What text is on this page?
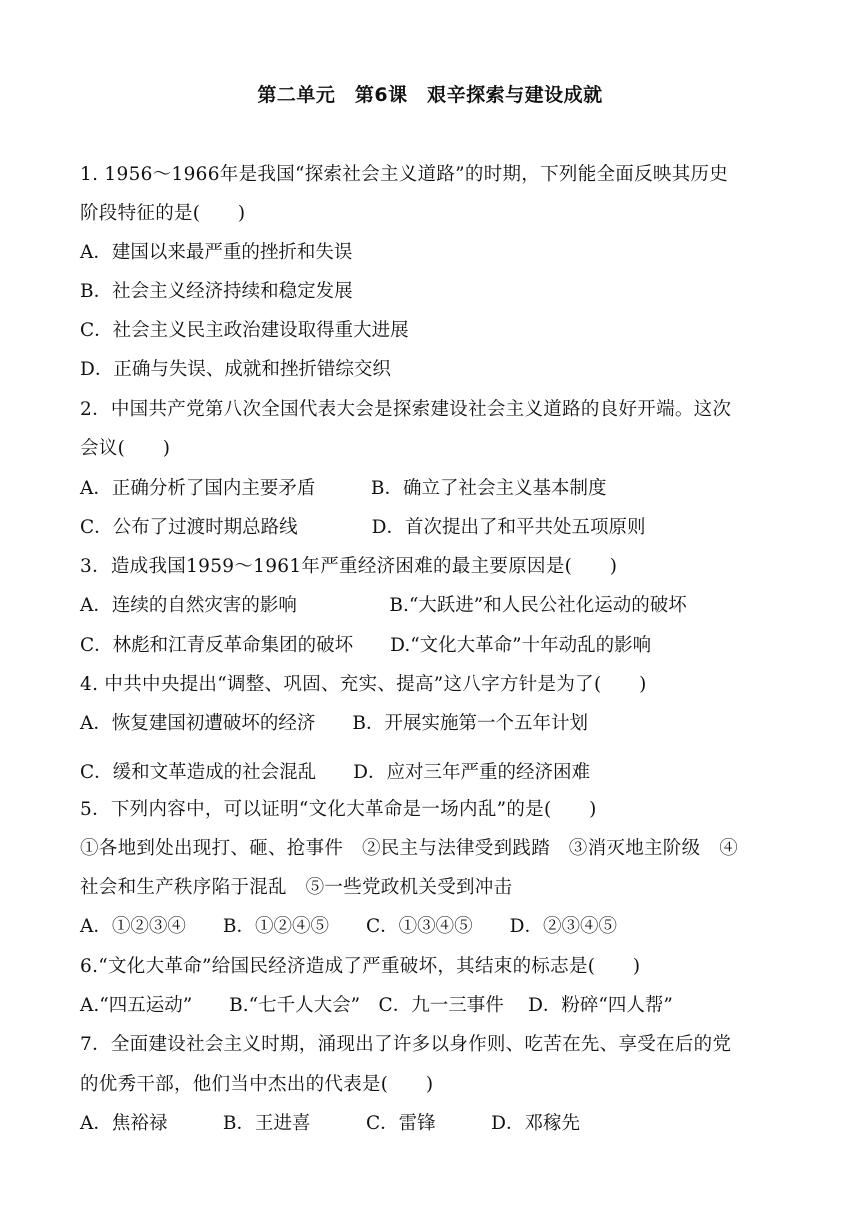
第二单元　第6课　艰辛探索与建设成就
1. 1956～1966年是我国“探索社会主义道路”的时期，下列能全面反映其历史
阶段特征的是(　　)
A．建国以来最严重的挫折和失误
B．社会主义经济持续和稳定发展
C．社会主义民主政治建设取得重大进展
D．正确与失误、成就和挫折错综交织
2．中国共产党第八次全国代表大会是探索建设社会主义道路的良好开端。这次
会议(　　)
A．正确分析了国内主要矛盾　　　B．确立了社会主义基本制度
C．公布了过渡时期总路线　　　　D．首次提出了和平共处五项原则
3．造成我国1959～1961年严重经济困难的最主要原因是(　　)
A．连续的自然灾害的影响　　　　　B.“大跃进”和人民公社化运动的破坏
C．林彪和江青反革命集团的破坏　　D.“文化大革命”十年动乱的影响
4. 中共中央提出“调整、巩固、充实、提高”这八字方针是为了(　　)
A．恢复建国初遭破坏的经济　　B．开展实施第一个五年计划
C．缓和文革造成的社会混乱　　D．应对三年严重的经济困难
5．下列内容中，可以证明“文化大革命是一场内乱”的是(　　)
①各地到处出现打、砸、抢事件　②民主与法律受到践踏　③消灭地主阶级　④
社会和生产秩序陷于混乱　⑤一些党政机关受到冲击
A．①②③④　　B．①②④⑤　　C．①③④⑤　　D．②③④⑤
6.“文化大革命”给国民经济造成了严重破坏，其结束的标志是(　　)
A.“四五运动”　　B.“七千人大会”　C．九一三事件　 D．粉碎“四人帮”
7．全面建设社会主义时期，涌现出了许多以身作则、吃苦在先、享受在后的党
的优秀干部，他们当中杰出的代表是(　　)
A．焦裕禄　　　B．王进喜　　　C．雷锋　　　D．邓稼先
